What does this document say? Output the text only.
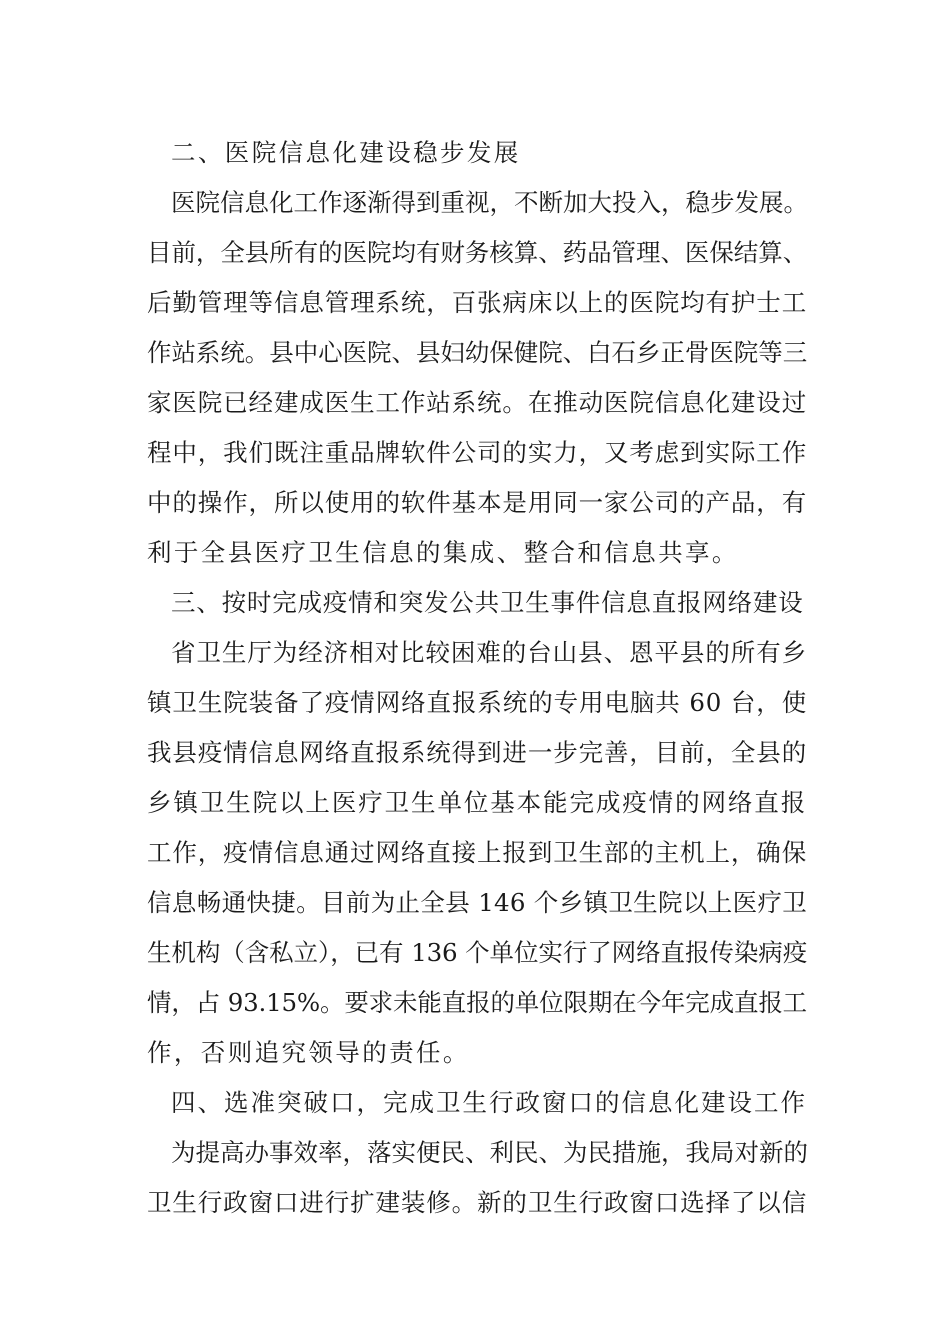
二、医院信息化建设稳步发展
医院信息化工作逐渐得到重视，不断加大投入，稳步发展。
目前，全县所有的医院均有财务核算、药品管理、医保结算、
后勤管理等信息管理系统，百张病床以上的医院均有护士工
作站系统。县中心医院、县妇幼保健院、白石乡正骨医院等三
家医院已经建成医生工作站系统。在推动医院信息化建设过
程中，我们既注重品牌软件公司的实力，又考虑到实际工作
中的操作，所以使用的软件基本是用同一家公司的产品，有
利于全县医疗卫生信息的集成、整合和信息共享。
三、按时完成疫情和突发公共卫生事件信息直报网络建设
省卫生厅为经济相对比较困难的台山县、恩平县的所有乡
镇卫生院装备了疫情网络直报系统的专用电脑共 60 台，使
我县疫情信息网络直报系统得到进一步完善，目前，全县的
乡镇卫生院以上医疗卫生单位基本能完成疫情的网络直报
工作，疫情信息通过网络直接上报到卫生部的主机上，确保
信息畅通快捷。目前为止全县 146 个乡镇卫生院以上医疗卫
生机构（含私立），已有 136 个单位实行了网络直报传染病疫
情，占 93.15%。要求未能直报的单位限期在今年完成直报工
作，否则追究领导的责任。
四、选准突破口，完成卫生行政窗口的信息化建设工作
为提高办事效率，落实便民、利民、为民措施，我局对新的
卫生行政窗口进行扩建装修。新的卫生行政窗口选择了以信
